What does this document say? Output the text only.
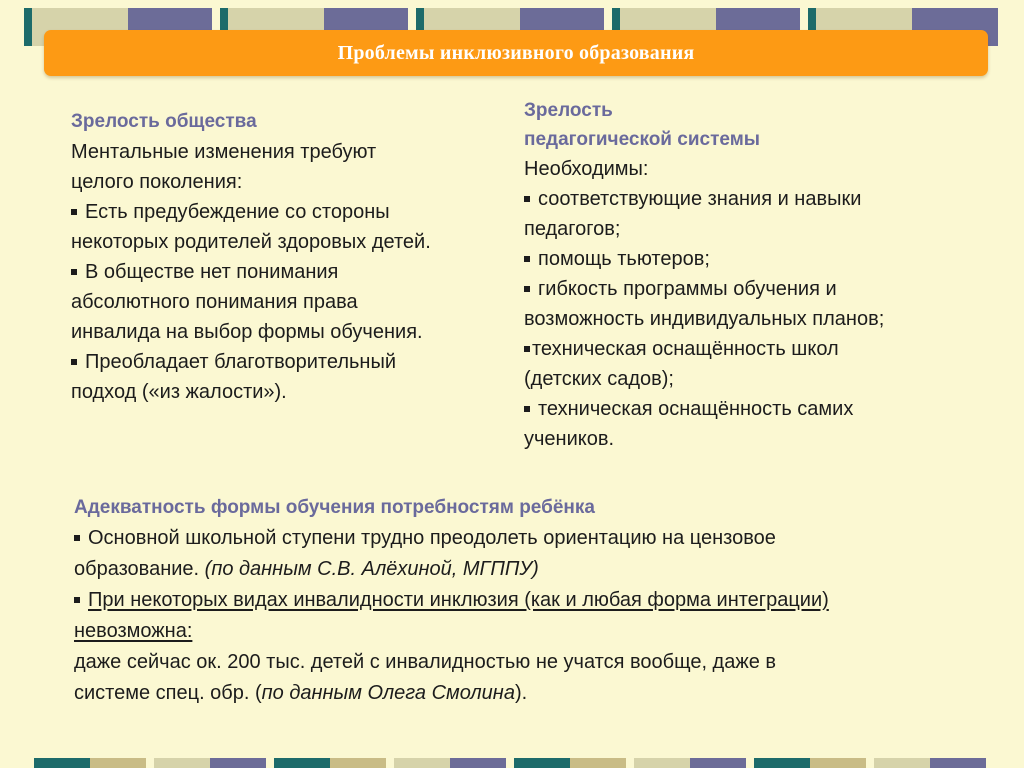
Проблемы инклюзивного образования
Зрелость общества
Ментальные изменения требуют
целого поколения:
Есть предубеждение со стороны
некоторых родителей здоровых детей.
В обществе нет понимания
абсолютного понимания права
инвалида на выбор формы обучения.
Преобладает благотворительный
подход («из жалости»).
Зрелость
педагогической системы
Необходимы:
соответствующие знания и навыки
педагогов;
помощь тьютеров;
гибкость программы обучения и
возможность индивидуальных планов;
техническая оснащённость школ
(детских садов);
техническая оснащённость самих
учеников.
Адекватность формы обучения потребностям ребёнка
Основной школьной ступени трудно преодолеть ориентацию на цензовое
образование. (по данным С.В. Алёхиной, МГППУ)
При некоторых видах инвалидности инклюзия (как и любая форма интеграции)
невозможна:
даже сейчас ок. 200 тыс. детей с инвалидностью не учатся вообще, даже в
системе спец. обр. (по данным Олега Смолина).
